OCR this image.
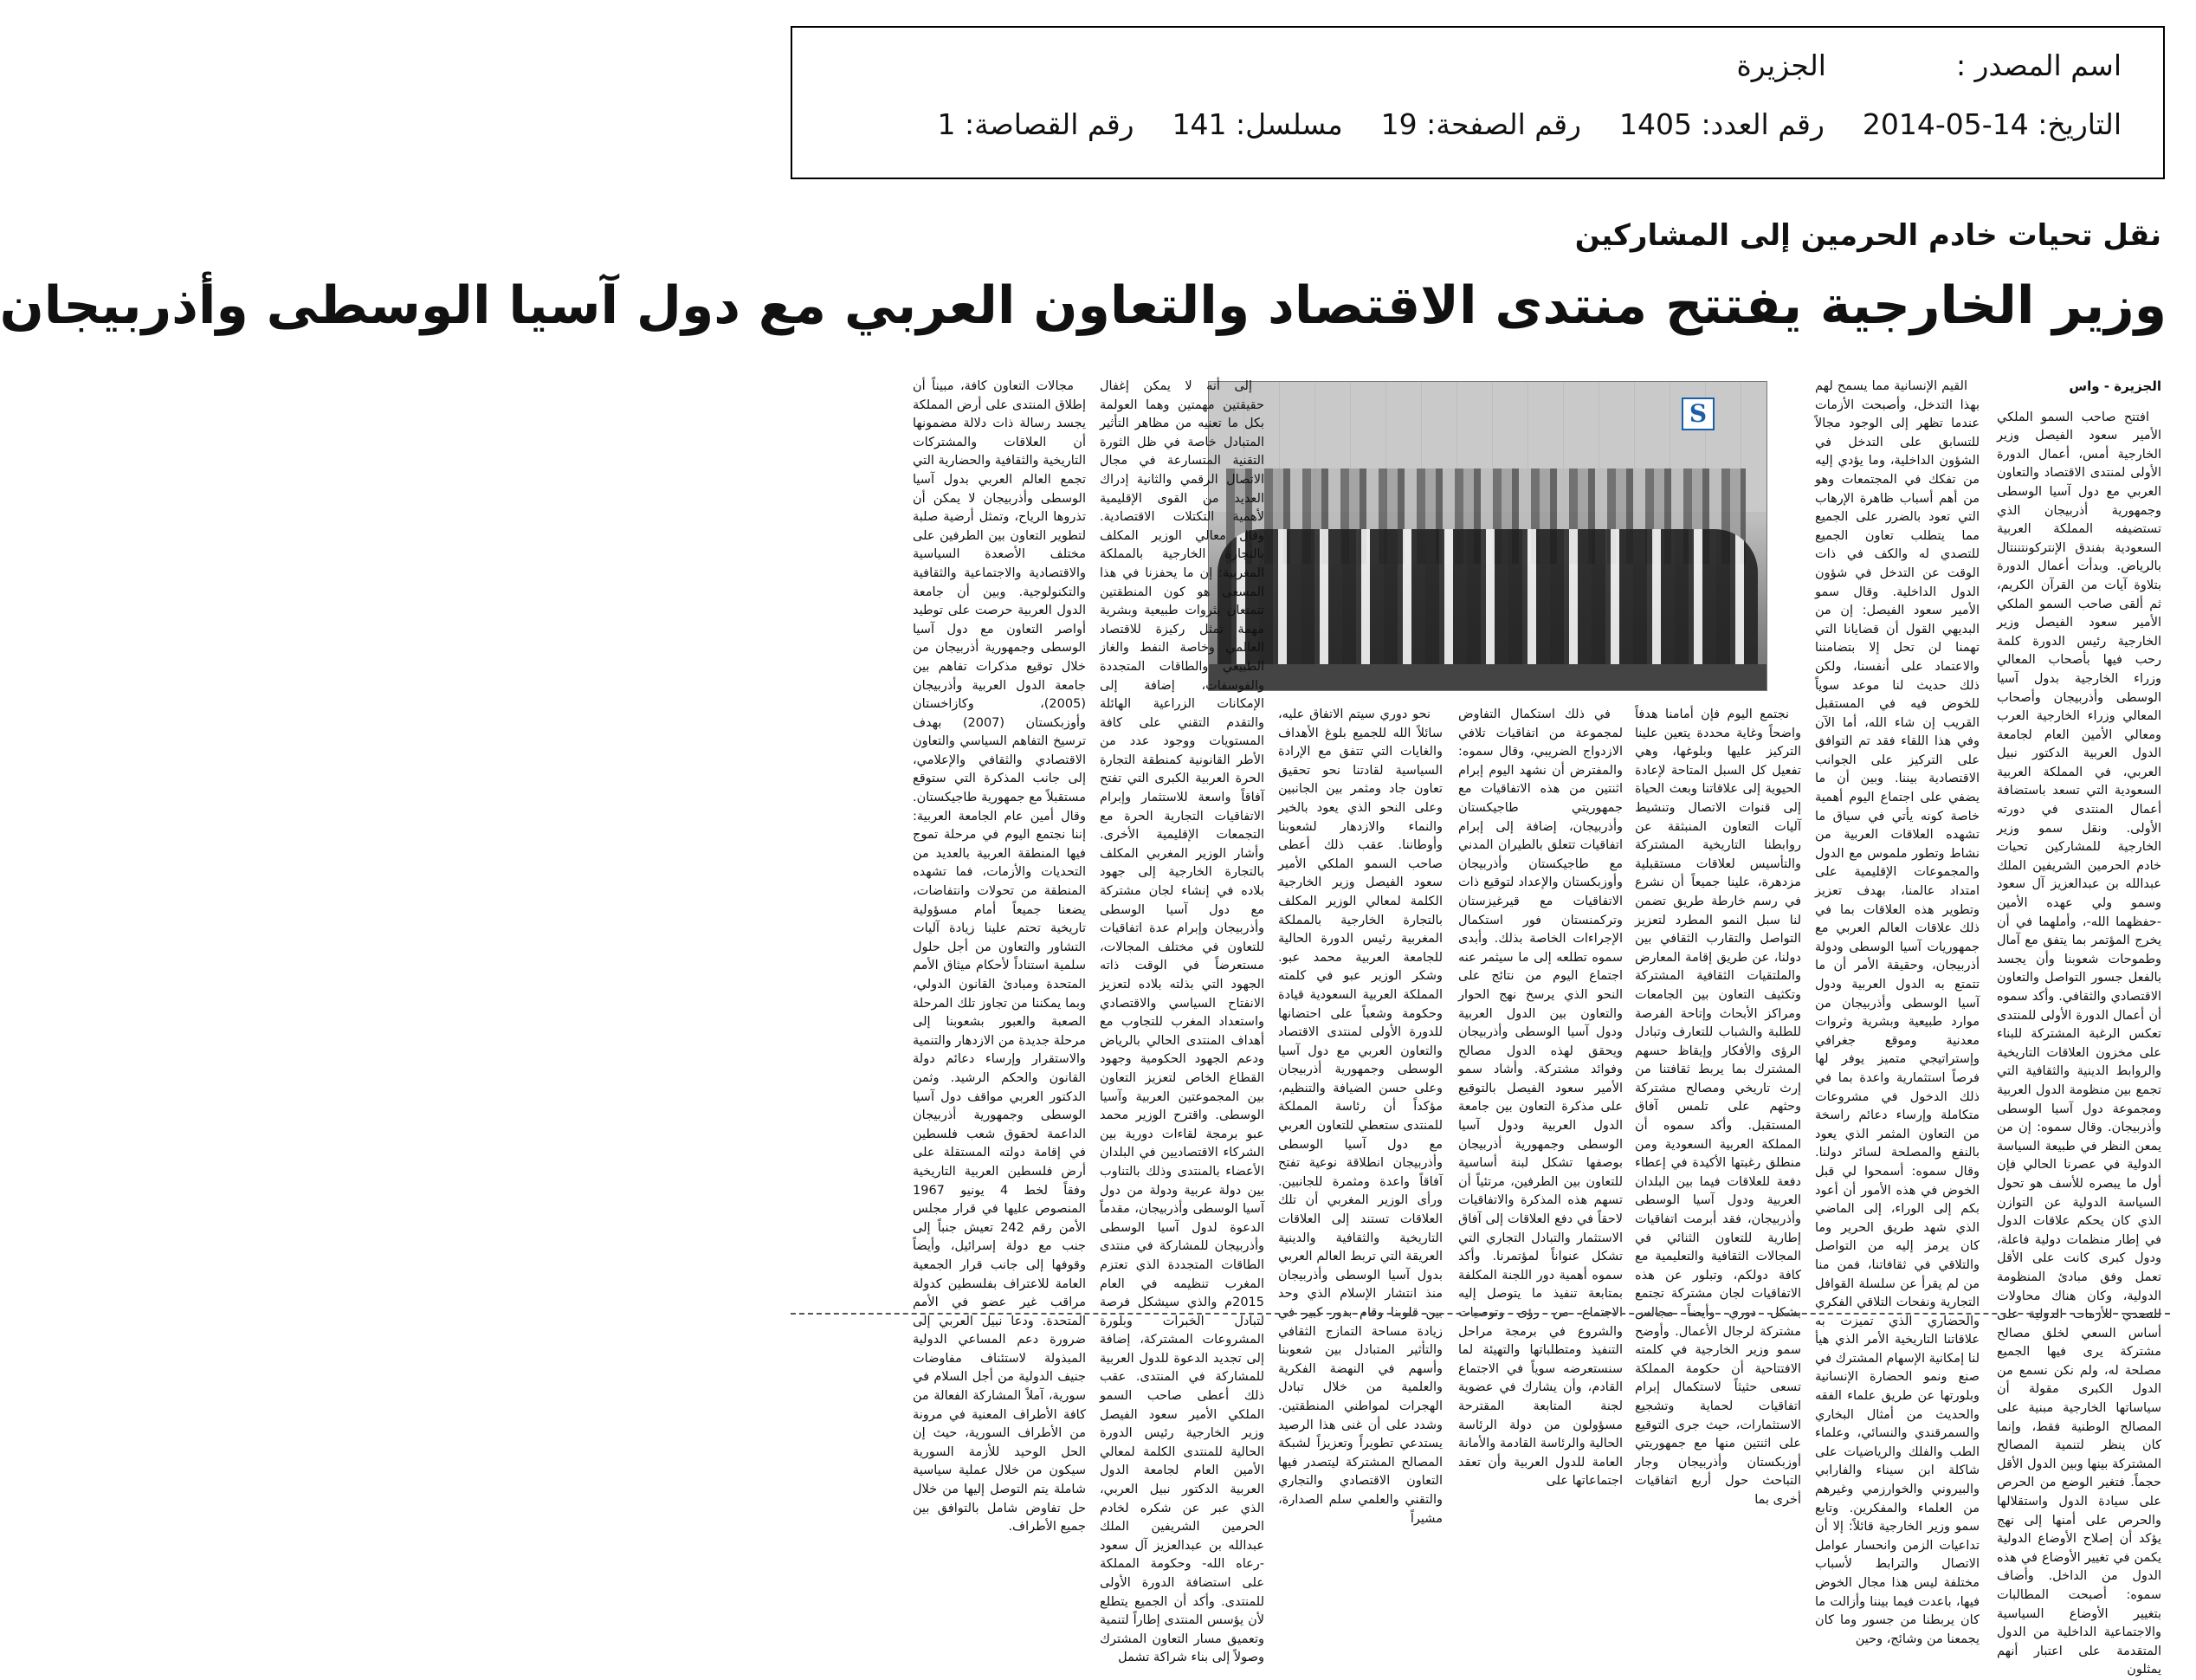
اسم المصدر :الجزيرة
التاريخ: 14-05-2014رقم العدد: 1405رقم الصفحة: 19مسلسل: 141رقم القصاصة: 1
نقل تحيات خادم الحرمين إلى المشاركين
وزير الخارجية يفتتح منتدى الاقتصاد والتعاون العربي مع دول آسيا الوسطى وأذربيجان
الجزيرة - واس

افتتح صاحب السمو الملكي الأمير سعود الفيصل وزير الخارجية أمس، أعمال الدورة الأولى لمنتدى الاقتصاد والتعاون العربي مع دول آسيا الوسطى وجمهورية أذربيجان الذي تستضيفه المملكة العربية السعودية بفندق الإنتركونتننتال بالرياض. وبدأت أعمال الدورة بتلاوة آيات من القرآن الكريم، ثم ألقى صاحب السمو الملكي الأمير سعود الفيصل وزير الخارجية رئيس الدورة كلمة رحب فيها بأصحاب المعالي وزراء الخارجية بدول آسيا الوسطى وأذربيجان وأصحاب المعالي وزراء الخارجية العرب ومعالي الأمين العام لجامعة الدول العربية الدكتور نبيل العربي، في المملكة العربية السعودية التي تسعد باستضافة أعمال المنتدى في دورته الأولى. ونقل سمو وزير الخارجية للمشاركين تحيات خادم الحرمين الشريفين الملك عبدالله بن عبدالعزيز آل سعود وسمو ولي عهده الأمين -حفظهما الله-، وأملهما في أن يخرج المؤتمر بما يتفق مع آمال وطموحات شعوبنا وأن يجسد بالفعل جسور التواصل والتعاون الاقتصادي والثقافي. وأكد سموه أن أعمال الدورة الأولى للمنتدى تعكس الرغبة المشتركة للبناء على مخزون العلاقات التاريخية والروابط الدينية والثقافية التي تجمع بين منظومة الدول العربية ومجموعة دول آسيا الوسطى وأذربيجان. وقال سموه: إن من يمعن النظر في طبيعة السياسة الدولية في عصرنا الحالي فإن أول ما يبصره للأسف هو تحول السياسة الدولية عن التوازن الذي كان يحكم علاقات الدول في إطار منظمات دولية فاعلة، ودول كبرى كانت على الأقل تعمل وفق مبادئ المنظومة الدولية، وكان هناك محاولات للتصدي للأزمات الدولية على أساس السعي لخلق مصالح مشتركة يرى فيها الجميع مصلحة له، ولم نكن نسمع من الدول الكبرى مقولة أن سياساتها الخارجية مبنية على المصالح الوطنية فقط، وإنما كان ينظر لتنمية المصالح المشتركة بينها وبين الدول الأقل حجماً. فتغير الوضع من الحرص على سيادة الدول واستقلالها والحرص على أمنها إلى نهج يؤكد أن إصلاح الأوضاع الدولية يكمن في تغيير الأوضاع في هذه الدول من الداخل. وأضاف سموه: أصبحت المطالبات بتغيير الأوضاع السياسية والاجتماعية الداخلية من الدول المتقدمة على اعتبار أنهم يمثلون

القيم الإنسانية مما يسمح لهم بهذا التدخل، وأصبحت الأزمات عندما تظهر إلى الوجود مجالاً للتسابق على التدخل في الشؤون الداخلية، وما يؤدي إليه من تفكك في المجتمعات وهو من أهم أسباب ظاهرة الإرهاب التي تعود بالضرر على الجميع مما يتطلب تعاون الجميع للتصدي له والكف في ذات الوقت عن التدخل في شؤون الدول الداخلية. وقال سمو الأمير سعود الفيصل: إن من البديهي القول أن قضايانا التي تهمنا لن تحل إلا بتضامننا والاعتماد على أنفسنا، ولكن ذلك حديث لنا موعد سوياً للخوض فيه في المستقبل القريب إن شاء الله، أما الآن وفي هذا اللقاء فقد تم التوافق على التركيز على الجوانب الاقتصادية بيننا. وبين أن ما يضفي على اجتماع اليوم أهمية خاصة كونه يأتي في سياق ما تشهده العلاقات العربية من نشاط وتطور ملموس مع الدول والمجموعات الإقليمية على امتداد عالمنا، بهدف تعزيز وتطوير هذه العلاقات بما في ذلك علاقات العالم العربي مع جمهوريات آسيا الوسطى ودولة أذربيجان، وحقيقة الأمر أن ما تتمتع به الدول العربية ودول آسيا الوسطى وأذربيجان من موارد طبيعية وبشرية وثروات معدنية وموقع جغرافي وإستراتيجي متميز يوفر لها فرصاً استثمارية واعدة بما في ذلك الدخول في مشروعات متكاملة وإرساء دعائم راسخة من التعاون المثمر الذي يعود بالنفع والمصلحة لسائر دولنا. وقال سموه: أسمحوا لي قبل الخوض في هذه الأمور أن أعود بكم إلى الوراء، إلى الماضي الذي شهد طريق الحرير وما كان يرمز إليه من التواصل والتلاقي في ثقافاتنا، فمن منا من لم يقرأ عن سلسلة القوافل التجارية ونفحات التلاقي الفكري والحضاري الذي تميزت به علاقاتنا التاريخية الأمر الذي هيأ لنا إمكانية الإسهام المشترك في صنع ونمو الحضارة الإنسانية وبلورتها عن طريق علماء الفقه والحديث من أمثال البخاري والسمرقندي والنسائي، وعلماء الطب والفلك والرياضيات على شاكلة ابن سيناء والفارابي والبيروني والخوارزمي وغيرهم من العلماء والمفكرين. وتابع سمو وزير الخارجية قائلاً: إلا أن تداعيات الزمن وانحسار عوامل الاتصال والترابط لأسباب مختلفة ليس هذا مجال الخوض فيها، باعدت فيما بيننا وأزالت ما كان يربطنا من جسور وما كان يجمعنا من وشائج، وحين

S

نجتمع اليوم فإن أمامنا هدفاً واضحاً وغاية محددة يتعين علينا التركيز عليها وبلوغها، وهي تفعيل كل السبل المتاحة لإعادة الحيوية إلى علاقاتنا وبعث الحياة إلى قنوات الاتصال وتنشيط آليات التعاون المنبثقة عن روابطنا التاريخية المشتركة والتأسيس لعلاقات مستقبلية مزدهرة، علينا جميعاً أن نشرع في رسم خارطة طريق تضمن لنا سبل النمو المطرد لتعزيز التواصل والتقارب الثقافي بين دولنا، عن طريق إقامة المعارض والملتقيات الثقافية المشتركة وتكثيف التعاون بين الجامعات ومراكز الأبحاث وإتاحة الفرصة للطلبة والشباب للتعارف وتبادل الرؤى والأفكار وإيقاظ حسهم المشترك بما يربط ثقافتنا من إرث تاريخي ومصالح مشتركة وحثهم على تلمس آفاق المستقبل. وأكد سموه أن المملكة العربية السعودية ومن منطلق رغبتها الأكيدة في إعطاء دفعة للعلاقات فيما بين البلدان العربية ودول آسيا الوسطى وأذربيجان، فقد أبرمت اتفاقيات إطارية للتعاون الثنائي في المجالات الثقافية والتعليمية مع كافة دولكم، وتبلور عن هذه الاتفاقيات لجان مشتركة تجتمع بشكل دوري وأيضاً مجالس مشتركة لرجال الأعمال. وأوضح سمو وزير الخارجية في كلمته الافتتاحية أن حكومة المملكة تسعى حثيثاً لاستكمال إبرام اتفاقيات لحماية وتشجيع الاستثمارات، حيث جرى التوقيع على اثنتين منها مع جمهوريتي أوزبكستان وأذربيجان وجار التباحث حول أربع اتفاقيات أخرى بما

في ذلك استكمال التفاوض لمجموعة من اتفاقيات تلافي الازدواج الضريبي، وقال سموه: والمفترض أن نشهد اليوم إبرام اثنتين من هذه الاتفاقيات مع جمهوريتي طاجيكستان وأذربيجان، إضافة إلى إبرام اتفاقيات تتعلق بالطيران المدني مع طاجيكستان وأذربيجان وأوزبكستان والإعداد لتوقيع ذات الاتفاقيات مع قيرغيزستان وتركمنستان فور استكمال الإجراءات الخاصة بذلك. وأبدى سموه تطلعه إلى ما سيثمر عنه اجتماع اليوم من نتائج على النحو الذي يرسخ نهج الحوار والتعاون بين الدول العربية ودول آسيا الوسطى وأذربيجان ويحقق لهذه الدول مصالح وفوائد مشتركة. وأشاد سمو الأمير سعود الفيصل بالتوقيع على مذكرة التعاون بين جامعة الدول العربية ودول آسيا الوسطى وجمهورية أذربيجان بوصفها تشكل لبنة أساسية للتعاون بين الطرفين، مرتئياً أن تسهم هذه المذكرة والاتفاقيات لاحقاً في دفع العلاقات إلى آفاق الاستثمار والتبادل التجاري التي تشكل عنواناً لمؤتمرنا. وأكد سموه أهمية دور اللجنة المكلفة بمتابعة تنفيذ ما يتوصل إليه الاجتماع من رؤى وتوصيات والشروع في برمجة مراحل التنفيذ ومتطلباتها والتهيئة لما سنستعرضه سوياً في الاجتماع القادم، وأن يشارك في عضوية لجنة المتابعة المقترحة مسؤولون من دولة الرئاسة الحالية والرئاسة القادمة والأمانة العامة للدول العربية وأن تعقد اجتماعاتها على

نحو دوري سيتم الاتفاق عليه، سائلاً الله للجميع بلوغ الأهداف والغايات التي تتفق مع الإرادة السياسية لقادتنا نحو تحقيق تعاون جاد ومثمر بين الجانبين وعلى النحو الذي يعود بالخير والنماء والازدهار لشعوبنا وأوطاننا. عقب ذلك أعطى صاحب السمو الملكي الأمير سعود الفيصل وزير الخارجية الكلمة لمعالي الوزير المكلف بالتجارة الخارجية بالمملكة المغربية رئيس الدورة الحالية للجامعة العربية محمد عبو. وشكر الوزير عبو في كلمته المملكة العربية السعودية قيادة وحكومة وشعباً على احتضانها للدورة الأولى لمنتدى الاقتصاد والتعاون العربي مع دول آسيا الوسطى وجمهورية أذربيجان وعلى حسن الضيافة والتنظيم، مؤكداً أن رئاسة المملكة للمنتدى ستعطي للتعاون العربي مع دول آسيا الوسطى وأذربيجان انطلاقة نوعية تفتح آفاقاً واعدة ومثمرة للجانبين. ورأى الوزير المغربي أن تلك العلاقات تستند إلى العلاقات التاريخية والثقافية والدينية العريقة التي تربط العالم العربي بدول آسيا الوسطى وأذربيجان منذ انتشار الإسلام الذي وحد بين قلوبنا وقام بدور كبير في زيادة مساحة التمازج الثقافي والتأثير المتبادل بين شعوبنا وأسهم في النهضة الفكرية والعلمية من خلال تبادل الهجرات لمواطني المنطقتين. وشدد على أن غنى هذا الرصيد يستدعي تطويراً وتعزيزاً لشبكة المصالح المشتركة ليتصدر فيها التعاون الاقتصادي والتجاري والتقني والعلمي سلم الصدارة، مشيراً

إلى أنه لا يمكن إغفال حقيقتين مهمتين وهما العولمة بكل ما تعنيه من مظاهر التأثير المتبادل خاصة في ظل الثورة التقنية المتسارعة في مجال الاتصال الرقمي والثانية إدراك العديد من القوى الإقليمية لأهمية التكتلات الاقتصادية. وقال معالي الوزير المكلف بالتجارة الخارجية بالمملكة المغربية: إن ما يحفزنا في هذا المسعى هو كون المنطقتين تتمتعان بثروات طبيعية وبشرية مهمة تمثل ركيزة للاقتصاد العالمي وخاصة النفط والغاز الطبيعي والطاقات المتجددة والفوسفات، إضافة إلى الإمكانات الزراعية الهائلة والتقدم التقني على كافة المستويات ووجود عدد من الأطر القانونية كمنطقة التجارة الحرة العربية الكبرى التي تفتح آفاقاً واسعة للاستثمار وإبرام الاتفاقيات التجارية الحرة مع التجمعات الإقليمية الأخرى. وأشار الوزير المغربي المكلف بالتجارة الخارجية إلى جهود بلاده في إنشاء لجان مشتركة مع دول آسيا الوسطى وأذربيجان وإبرام عدة اتفاقيات للتعاون في مختلف المجالات، مستعرضاً في الوقت ذاته الجهود التي بذلته بلاده لتعزيز الانفتاح السياسي والاقتصادي واستعداد المغرب للتجاوب مع أهداف المنتدى الحالي بالرياض ودعم الجهود الحكومية وجهود القطاع الخاص لتعزيز التعاون بين المجموعتين العربية وآسيا الوسطى. واقترح الوزير محمد عبو برمجة لقاءات دورية بين الشركاء الاقتصاديين في البلدان الأعضاء بالمنتدى وذلك بالتناوب بين دولة عربية ودولة من دول آسيا الوسطى وأذربيجان، مقدماً الدعوة لدول آسيا الوسطى وأذربيجان للمشاركة في منتدى الطاقات المتجددة الذي تعتزم المغرب تنظيمه في العام 2015م والذي سيشكل فرصة لتبادل الخبرات وبلورة المشروعات المشتركة، إضافة إلى تجديد الدعوة للدول العربية للمشاركة في المنتدى. عقب ذلك أعطى صاحب السمو الملكي الأمير سعود الفيصل وزير الخارجية رئيس الدورة الحالية للمنتدى الكلمة لمعالي الأمين العام لجامعة الدول العربية الدكتور نبيل العربي، الذي عبر عن شكره لخادم الحرمين الشريفين الملك عبدالله بن عبدالعزيز آل سعود -رعاه الله- وحكومة المملكة على استضافة الدورة الأولى للمنتدى. وأكد أن الجميع يتطلع لأن يؤسس المنتدى إطاراً لتنمية وتعميق مسار التعاون المشترك وصولاً إلى بناء شراكة تشمل

مجالات التعاون كافة، مبيناً أن إطلاق المنتدى على أرض المملكة يجسد رسالة ذات دلالة مضمونها أن العلاقات والمشتركات التاريخية والثقافية والحضارية التي تجمع العالم العربي بدول آسيا الوسطى وأذربيجان لا يمكن أن تذروها الرياح، وتمثل أرضية صلبة لتطوير التعاون بين الطرفين على مختلف الأصعدة السياسية والاقتصادية والاجتماعية والثقافية والتكنولوجية. وبين أن جامعة الدول العربية حرصت على توطيد أواصر التعاون مع دول آسيا الوسطى وجمهورية أذربيجان من خلال توقيع مذكرات تفاهم بين جامعة الدول العربية وأذربيجان (2005)، وكازاخستان وأوزبكستان (2007) بهدف ترسيخ التفاهم السياسي والتعاون الاقتصادي والثقافي والإعلامي، إلى جانب المذكرة التي ستوقع مستقبلاً مع جمهورية طاجيكستان. وقال أمين عام الجامعة العربية: إننا نجتمع اليوم في مرحلة تموج فيها المنطقة العربية بالعديد من التحديات والأزمات، فما تشهده المنطقة من تحولات وانتفاضات، يضعنا جميعاً أمام مسؤولية تاريخية تحتم علينا زيادة آليات التشاور والتعاون من أجل حلول سلمية استناداً لأحكام ميثاق الأمم المتحدة ومبادئ القانون الدولي، وبما يمكننا من تجاوز تلك المرحلة الصعبة والعبور بشعوبنا إلى مرحلة جديدة من الازدهار والتنمية والاستقرار وإرساء دعائم دولة القانون والحكم الرشيد. وثمن الدكتور العربي مواقف دول آسيا الوسطى وجمهورية أذربيجان الداعمة لحقوق شعب فلسطين في إقامة دولته المستقلة على أرض فلسطين العربية التاريخية وفقاً لخط 4 يونيو 1967 المنصوص عليها في قرار مجلس الأمن رقم 242 تعيش جنباً إلى جنب مع دولة إسرائيل، وأيضاً وقوفها إلى جانب قرار الجمعية العامة للاعتراف بفلسطين كدولة مراقب غير عضو في الأمم المتحدة. ودعا نبيل العربي إلى ضرورة دعم المساعي الدولية المبذولة لاستئناف مفاوضات جنيف الدولية من أجل السلام في سورية، آملاً المشاركة الفعالة من كافة الأطراف المعنية في مرونة من الأطراف السورية، حيث إن الحل الوحيد للأزمة السورية سيكون من خلال عملية سياسية شاملة يتم التوصل إليها من خلال حل تفاوض شامل بالتوافق بين جميع الأطراف.
